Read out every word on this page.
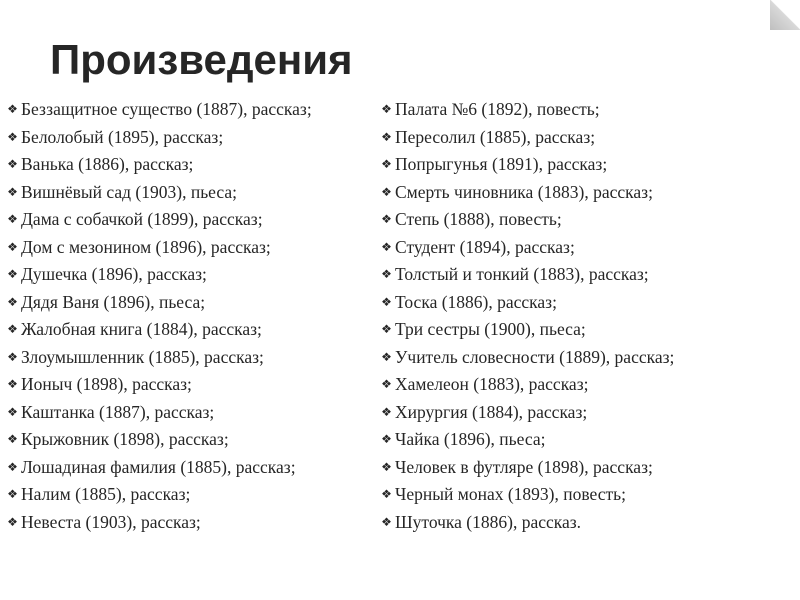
Произведения
❖ Беззащитное существо (1887), рассказ;
❖ Белолобый (1895), рассказ;
❖ Ванька (1886), рассказ;
❖ Вишнёвый сад (1903), пьеса;
❖ Дама с собачкой (1899), рассказ;
❖ Дом с мезонином (1896), рассказ;
❖ Душечка (1896), рассказ;
❖ Дядя Ваня (1896), пьеса;
❖ Жалобная книга (1884), рассказ;
❖ Злоумышленник (1885), рассказ;
❖ Ионыч (1898), рассказ;
❖ Каштанка (1887), рассказ;
❖ Крыжовник (1898), рассказ;
❖ Лошадиная фамилия (1885), рассказ;
❖ Налим (1885), рассказ;
❖ Невеста (1903), рассказ;
❖ Палата №6 (1892), повесть;
❖ Пересолил (1885), рассказ;
❖ Попрыгунья (1891), рассказ;
❖ Смерть чиновника (1883), рассказ;
❖ Степь (1888), повесть;
❖ Студент (1894), рассказ;
❖ Толстый и тонкий (1883), рассказ;
❖ Тоска (1886), рассказ;
❖ Три сестры (1900), пьеса;
❖ Учитель словесности (1889), рассказ;
❖ Хамелеон (1883), рассказ;
❖ Хирургия (1884), рассказ;
❖ Чайка (1896), пьеса;
❖ Человек в футляре (1898), рассказ;
❖ Черный монах (1893), повесть;
❖ Шуточка (1886), рассказ.
